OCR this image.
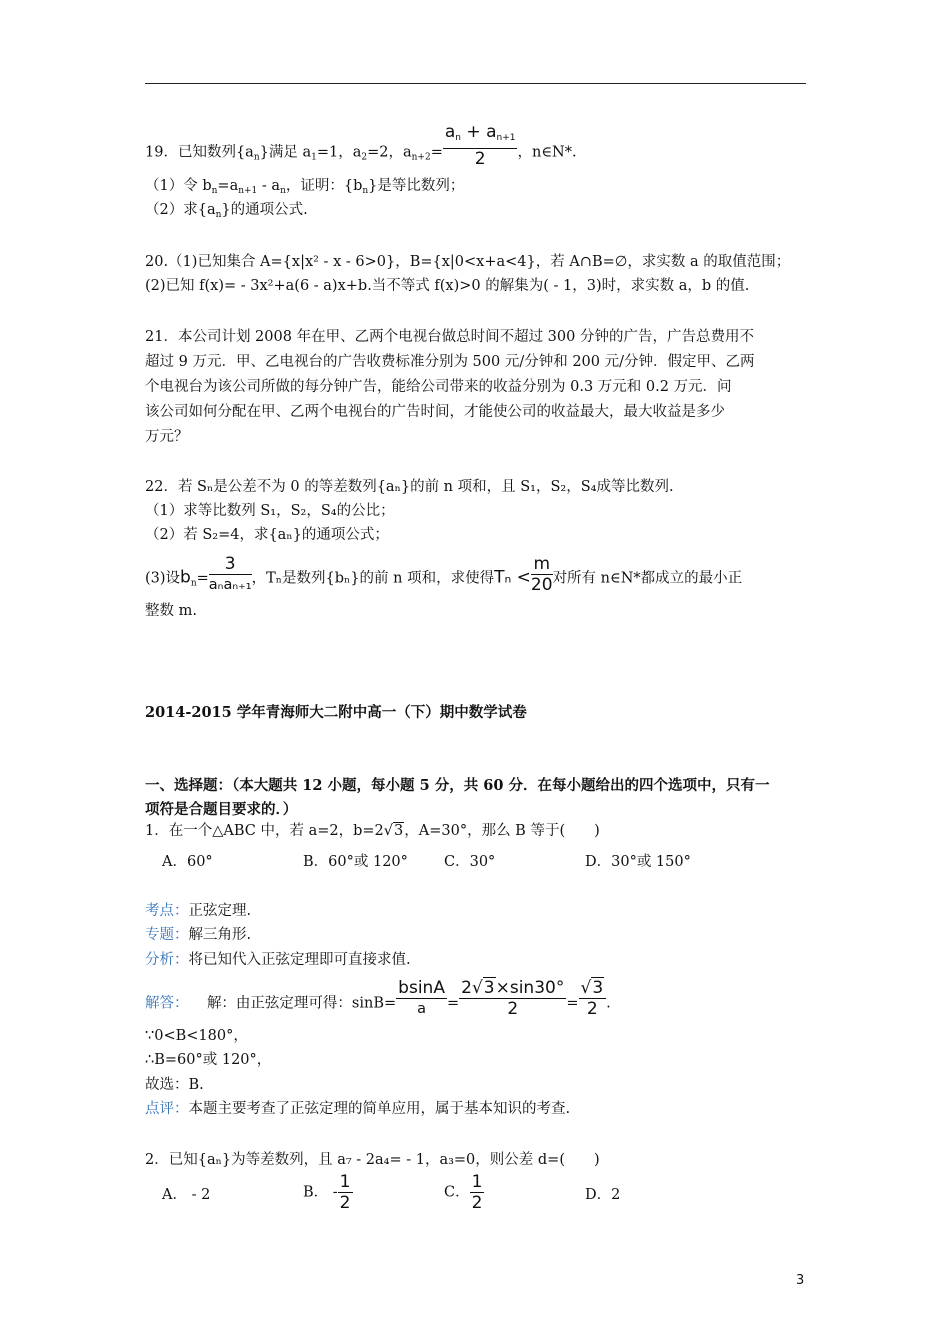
19．已知数列$\{a_n\}$满足 $a_1=1$，$a_2=2$，$a_{n+2}= \frac{a_n + a_{n+1}}{2}$ ，n∈N*.
（1）令 $b_n=a_{n+1} - a_n$，证明：$\{b_n\}$是等比数列；
（2）求$\{a_n\}$的通项公式.
20.（1)已知集合 A={x|x² - x - 6>0}，B={x|0<x+a<4}，若 A∩B=∅，求实数 a 的取值范围；
(2)已知 f(x)= - 3x²+a(6 - a)x+b.当不等式 f(x)>0 的解集为( - 1，3)时，求实数 a，b 的值.
21．本公司计划 2008 年在甲、乙两个电视台做总时间不超过 300 分钟的广告，广告总费用不
超过 9 万元．甲、乙电视台的广告收费标准分别为 500 元/分钟和 200 元/分钟．假定甲、乙两
个电视台为该公司所做的每分钟广告，能给公司带来的收益分别为 0.3 万元和 0.2 万元．问
该公司如何分配在甲、乙两个电视台的广告时间，才能使公司的收益最大，最大收益是多少
万元？
22．若 Sₙ是公差不为 0 的等差数列{aₙ}的前 n 项和，且 S₁，S₂，S₄成等比数列.
（1）求等比数列 S₁，S₂，S₄的公比；
（2）若 S₂=4，求{aₙ}的通项公式；
(3)设$b_n= \frac{3}{\text{aₙaₙ₊₁}}$ ，Tₙ是数列{bₙ}的前 n 项和，求使得$T_n < \frac{m}{20}$ 对所有 n∈N*都成立的最小正
整数 m.
2014-2015 学年青海师大二附中高一（下）期中数学试卷
一、选择题：（本大题共 12 小题，每小题 5 分，共 60 分．在每小题给出的四个选项中，只有一
项符是合题目要求的．）
1．在一个△ABC 中，若 a=2，b=2√3，A=30°，那么 B 等于(　　)
A．60°	B．60°或 120° C．30°	D．30°或 150°
考点：正弦定理.
专题：解三角形.
分析：将已知代入正弦定理即可直接求值.
解答： 解：由正弦定理可得：$\sin B= \frac{bsinA}{a} = \frac{2√3\times\sin 30^\circ}{2} = \frac{√3}{2}$ .
∵0<B<180°，
∴B=60°或 120°，
故选：B.
点评：本题主要考查了正弦定理的简单应用，属于基本知识的考查.
2．已知{aₙ}为等差数列，且 a₇ - 2a₄= - 1，a₃=0，则公差 d=(　　)
A． - 2	B． - $\frac{1}{2}$	C． $\frac{1}{2}$	D．2
3
